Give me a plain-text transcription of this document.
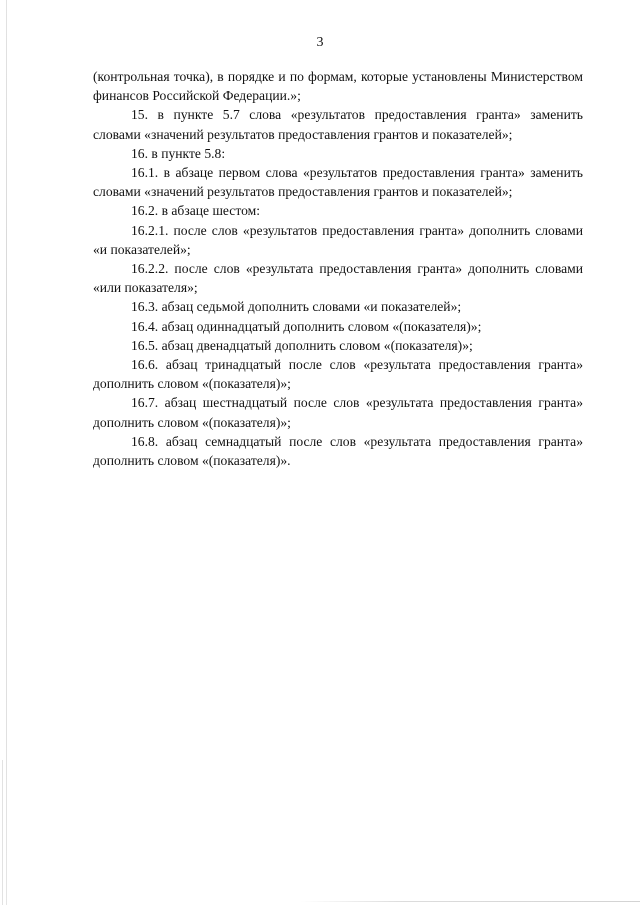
3

(контрольная точка), в порядке и по формам, которые установлены Министерством финансов Российской Федерации.»;

15. в пункте 5.7 слова «результатов предоставления гранта» заменить словами «значений результатов предоставления грантов и показателей»;

16. в пункте 5.8:

16.1. в абзаце первом слова «результатов предоставления гранта» заменить словами «значений результатов предоставления грантов и показателей»;

16.2. в абзаце шестом:

16.2.1. после слов «результатов предоставления гранта» дополнить словами «и показателей»;

16.2.2. после слов «результата предоставления гранта» дополнить словами «или показателя»;

16.3. абзац седьмой дополнить словами «и показателей»;

16.4. абзац одиннадцатый дополнить словом «(показателя)»;

16.5. абзац двенадцатый дополнить словом «(показателя)»;

16.6. абзац тринадцатый после слов «результата предоставления гранта» дополнить словом «(показателя)»;

16.7. абзац шестнадцатый после слов «результата предоставления гранта» дополнить словом «(показателя)»;

16.8. абзац семнадцатый после слов «результата предоставления гранта» дополнить словом «(показателя)».
